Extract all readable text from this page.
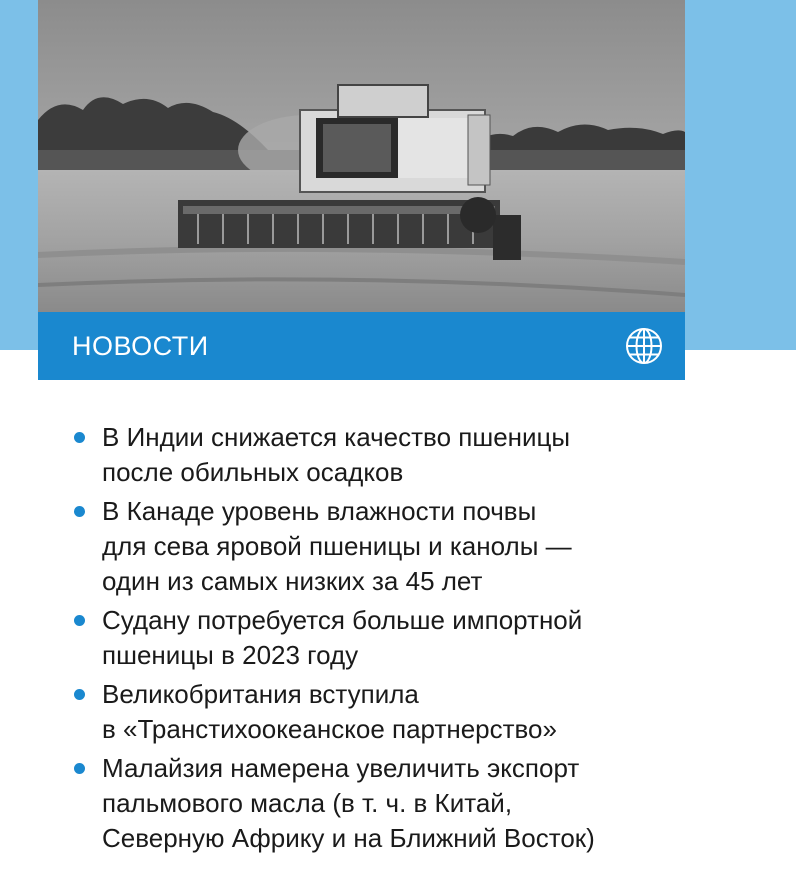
НОВОСТИ
В Индии снижается качество пшеницы
после обильных осадков
В Канаде уровень влажности почвы
для сева яровой пшеницы и канолы —
один из самых низких за 45 лет
Судану потребуется больше импортной
пшеницы в 2023 году
Великобритания вступила
в «Транстихоокеанское партнерство»
Малайзия намерена увеличить экспорт
пальмового масла (в т. ч. в Китай,
Северную Африку и на Ближний Восток)
